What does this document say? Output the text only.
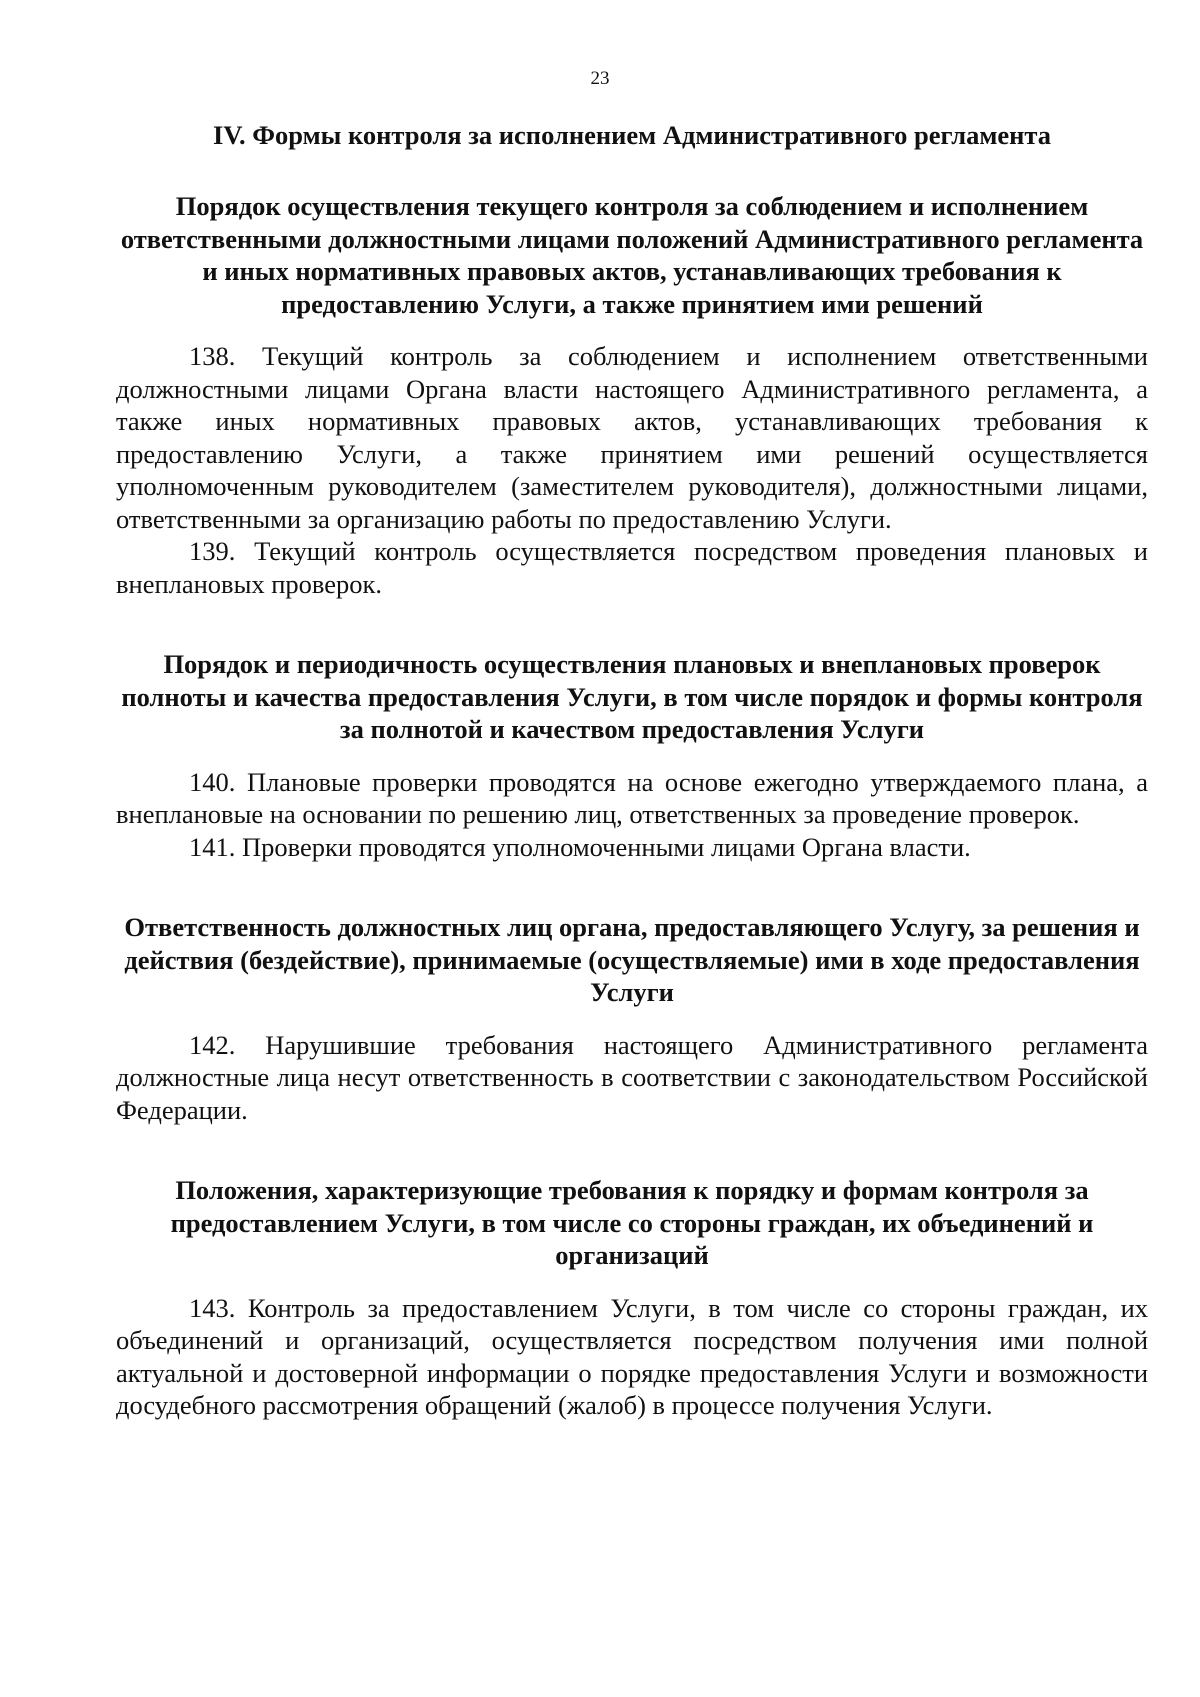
23
IV. Формы контроля за исполнением Административного регламента
Порядок осуществления текущего контроля за соблюдением и исполнением ответственными должностными лицами положений Административного регламента и иных нормативных правовых актов, устанавливающих требования к предоставлению Услуги, а также принятием ими решений

138. Текущий контроль за соблюдением и исполнением ответственными должностными лицами Органа власти настоящего Административного регламента, а также иных нормативных правовых актов, устанавливающих требования к предоставлению Услуги, а также принятием ими решений осуществляется уполномоченным руководителем (заместителем руководителя), должностными лицами, ответственными за организацию работы по предоставлению Услуги.

139. Текущий контроль осуществляется посредством проведения плановых и внеплановых проверок.

Порядок и периодичность осуществления плановых и внеплановых проверок полноты и качества предоставления Услуги, в том числе порядок и формы контроля за полнотой и качеством предоставления Услуги

140. Плановые проверки проводятся на основе ежегодно утверждаемого плана, а внеплановые на основании по решению лиц, ответственных за проведение проверок.

141. Проверки проводятся уполномоченными лицами Органа власти.

Ответственность должностных лиц органа, предоставляющего Услугу, за решения и действия (бездействие), принимаемые (осуществляемые) ими в ходе предоставления Услуги

142. Нарушившие требования настоящего Административного регламента должностные лица несут ответственность в соответствии с законодательством Российской Федерации.

Положения, характеризующие требования к порядку и формам контроля за предоставлением Услуги, в том числе со стороны граждан, их объединений и организаций

143. Контроль за предоставлением Услуги, в том числе со стороны граждан, их объединений и организаций, осуществляется посредством получения ими полной актуальной и достоверной информации о порядке предоставления Услуги и возможности досудебного рассмотрения обращений (жалоб) в процессе получения Услуги.
